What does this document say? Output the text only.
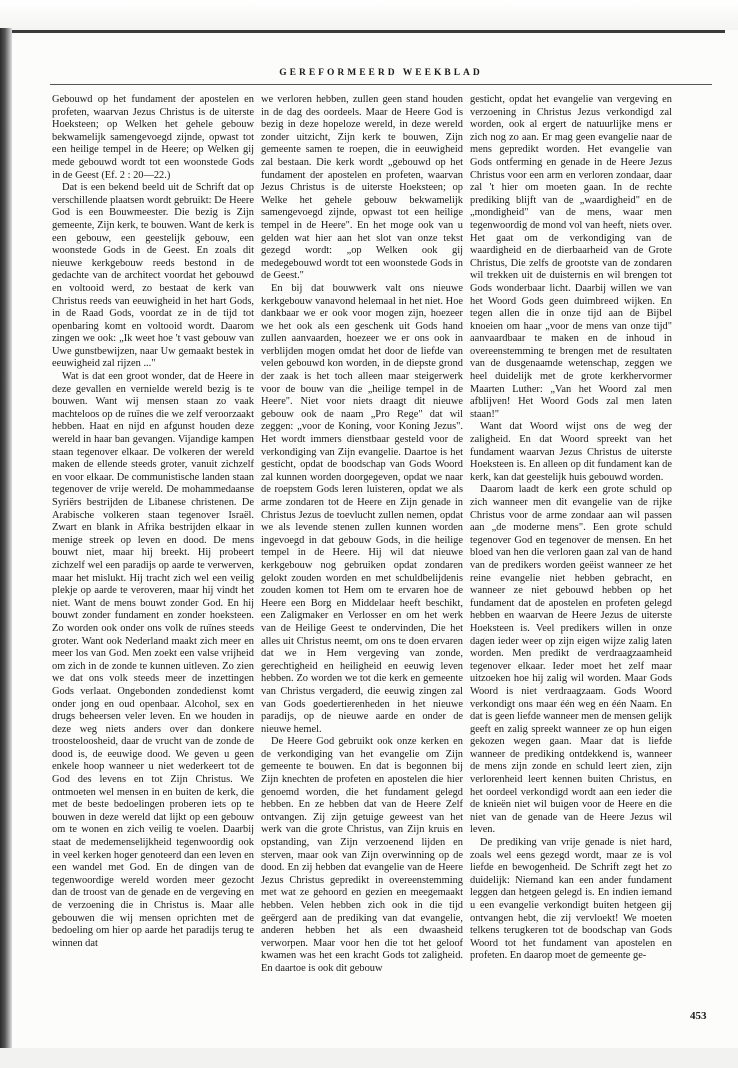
GEREFORMEERD WEEKBLAD

Gebouwd op het fundament der apostelen en profeten, waarvan Jezus Christus is de uiterste Hoeksteen; op Welken het gehele gebouw bekwamelijk samengevoegd zijnde, opwast tot een heilige tempel in de Heere; op Welken gij mede gebouwd wordt tot een woonstede Gods in de Geest (Ef. 2 : 20—22.)

Dat is een bekend beeld uit de Schrift dat op verschillende plaatsen wordt gebruikt: De Heere God is een Bouwmeester. Die bezig is Zijn gemeente, Zijn kerk, te bouwen. Want de kerk is een gebouw, een geestelijk gebouw, een woonstede Gods in de Geest. En zoals dit nieuwe kerkgebouw reeds bestond in de gedachte van de architect voordat het gebouwd en voltooid werd, zo bestaat de kerk van Christus reeds van eeuwigheid in het hart Gods, in de Raad Gods, voordat ze in de tijd tot openbaring komt en voltooid wordt. Daarom zingen we ook: „Ik weet hoe 't vast gebouw van Uwe gunstbewijzen, naar Uw gemaakt bestek in eeuwigheid zal rijzen ..."

Wat is dat een groot wonder, dat de Heere in deze gevallen en vernielde wereld bezig is te bouwen. Want wij mensen staan zo vaak machteloos op de ruïnes die we zelf veroorzaakt hebben. Haat en nijd en afgunst houden deze wereld in haar ban gevangen. Vijandige kampen staan tegenover elkaar. De volkeren der wereld maken de ellende steeds groter, vanuit zichzelf en voor elkaar. De communistische landen staan tegenover de vrije wereld. De mohammedaanse Syriërs bestrijden de Libanese christenen. De Arabische volkeren staan tegenover Israël. Zwart en blank in Afrika bestrijden elkaar in menige streek op leven en dood. De mens bouwt niet, maar hij breekt. Hij probeert zichzelf wel een paradijs op aarde te verwerven, maar het mislukt. Hij tracht zich wel een veilig plekje op aarde te veroveren, maar hij vindt het niet. Want de mens bouwt zonder God. En hij bouwt zonder fundament en zonder hoeksteen. Zo worden ook onder ons volk de ruïnes steeds groter. Want ook Nederland maakt zich meer en meer los van God. Men zoekt een valse vrijheid om zich in de zonde te kunnen uitleven. Zo zien we dat ons volk steeds meer de inzettingen Gods verlaat. Ongebonden zondedienst komt onder jong en oud openbaar. Alcohol, sex en drugs beheersen veler leven. En we houden in deze weg niets anders over dan donkere troosteloosheid, daar de vrucht van de zonde de dood is, de eeuwige dood. We geven u geen enkele hoop wanneer u niet wederkeert tot de God des levens en tot Zijn Christus. We ontmoeten wel mensen in en buiten de kerk, die met de beste bedoelingen proberen iets op te bouwen in deze wereld dat lijkt op een gebouw om te wonen en zich veilig te voelen. Daarbij staat de medemenselijkheid tegenwoordig ook in veel kerken hoger genoteerd dan een leven en een wandel met God. En de dingen van de tegenwoordige wereld worden meer gezocht dan de troost van de genade en de vergeving en de verzoening die in Christus is. Maar alle gebouwen die wij mensen oprichten met de bedoeling om hier op aarde het paradijs terug te winnen dat

we verloren hebben, zullen geen stand houden in de dag des oordeels. Maar de Heere God is bezig in deze hopeloze wereld, in deze wereld zonder uitzicht, Zijn kerk te bouwen, Zijn gemeente samen te roepen, die in eeuwigheid zal bestaan. Die kerk wordt „gebouwd op het fundament der apostelen en profeten, waarvan Jezus Christus is de uiterste Hoeksteen; op Welke het gehele gebouw bekwamelijk samengevoegd zijnde, opwast tot een heilige tempel in de Heere". En het moge ook van u gelden wat hier aan het slot van onze tekst gezegd wordt: „op Welken ook gij medegebouwd wordt tot een woonstede Gods in de Geest."

En bij dat bouwwerk valt ons nieuwe kerkgebouw vanavond helemaal in het niet. Hoe dankbaar we er ook voor mogen zijn, hoezeer we het ook als een geschenk uit Gods hand zullen aanvaarden, hoezeer we er ons ook in verblijden mogen omdat het door de liefde van velen gebouwd kon worden, in de diepste grond der zaak is het toch alleen maar steigerwerk voor de bouw van die „heilige tempel in de Heere". Niet voor niets draagt dit nieuwe gebouw ook de naam „Pro Rege" dat wil zeggen: „voor de Koning, voor Koning Jezus". Het wordt immers dienstbaar gesteld voor de verkondiging van Zijn evangelie. Daartoe is het gesticht, opdat de boodschap van Gods Woord zal kunnen worden doorgegeven, opdat we naar de roepstem Gods leren luisteren, opdat we als arme zondaren tot de Heere en Zijn genade in Christus Jezus de toevlucht zullen nemen, opdat we als levende stenen zullen kunnen worden ingevoegd in dat gebouw Gods, in die heilige tempel in de Heere. Hij wil dat nieuwe kerkgebouw nog gebruiken opdat zondaren gelokt zouden worden en met schuldbelijdenis zouden komen tot Hem om te ervaren hoe de Heere een Borg en Middelaar heeft beschikt, een Zaligmaker en Verlosser en om het werk van de Heilige Geest te ondervinden, Die het alles uit Christus neemt, om ons te doen ervaren dat we in Hem vergeving van zonde, gerechtigheid en heiligheid en eeuwig leven hebben. Zo worden we tot die kerk en gemeente van Christus vergaderd, die eeuwig zingen zal van Gods goedertierenheden in het nieuwe paradijs, op de nieuwe aarde en onder de nieuwe hemel.

De Heere God gebruikt ook onze kerken en de verkondiging van het evangelie om Zijn gemeente te bouwen. En dat is begonnen bij Zijn knechten de profeten en apostelen die hier genoemd worden, die het fundament gelegd hebben. En ze hebben dat van de Heere Zelf ontvangen. Zij zijn getuige geweest van het werk van die grote Christus, van Zijn kruis en opstanding, van Zijn verzoenend lijden en sterven, maar ook van Zijn overwinning op de dood. En zij hebben dat evangelie van de Heere Jezus Christus gepredikt in overeenstemming met wat ze gehoord en gezien en meegemaakt hebben. Velen hebben zich ook in die tijd geërgerd aan de prediking van dat evangelie, anderen hebben het als een dwaasheid verworpen. Maar voor hen die tot het geloof kwamen was het een kracht Gods tot zaligheid. En daartoe is ook dit gebouw

gesticht, opdat het evangelie van vergeving en verzoening in Christus Jezus verkondigd zal worden, ook al ergert de natuurlijke mens er zich nog zo aan. Er mag geen evangelie naar de mens gepredikt worden. Het evangelie van Gods ontferming en genade in de Heere Jezus Christus voor een arm en verloren zondaar, daar zal 't hier om moeten gaan. In de rechte prediking blijft van de „waardigheid" en de „mondigheid" van de mens, waar men tegenwoordig de mond vol van heeft, niets over. Het gaat om de verkondiging van de waardigheid en de dierbaarheid van de Grote Christus, Die zelfs de grootste van de zondaren wil trekken uit de duisternis en wil brengen tot Gods wonderbaar licht. Daarbij willen we van het Woord Gods geen duimbreed wijken. En tegen allen die in onze tijd aan de Bijbel knoeien om haar „voor de mens van onze tijd" aanvaardbaar te maken en de inhoud in overeenstemming te brengen met de resultaten van de dusgenaamde wetenschap, zeggen we heel duidelijk met de grote kerkhervormer Maarten Luther: „Van het Woord zal men afblijven! Het Woord Gods zal men laten staan!"

Want dat Woord wijst ons de weg der zaligheid. En dat Woord spreekt van het fundament waarvan Jezus Christus de uiterste Hoeksteen is. En alleen op dit fundament kan de kerk, kan dat geestelijk huis gebouwd worden.

Daarom laadt de kerk een grote schuld op zich wanneer men dit evangelie van de rijke Christus voor de arme zondaar aan wil passen aan „de moderne mens". Een grote schuld tegenover God en tegenover de mensen. En het bloed van hen die verloren gaan zal van de hand van de predikers worden geëist wanneer ze het reine evangelie niet hebben gebracht, en wanneer ze niet gebouwd hebben op het fundament dat de apostelen en profeten gelegd hebben en waarvan de Heere Jezus de uiterste Hoeksteen is. Veel predikers willen in onze dagen ieder weer op zijn eigen wijze zalig laten worden. Men predikt de verdraagzaamheid tegenover elkaar. Ieder moet het zelf maar uitzoeken hoe hij zalig wil worden. Maar Gods Woord is niet verdraagzaam. Gods Woord verkondigt ons maar één weg en één Naam. En dat is geen liefde wanneer men de mensen gelijk geeft en zalig spreekt wanneer ze op hun eigen gekozen wegen gaan. Maar dat is liefde wanneer de prediking ontdekkend is, wanneer de mens zijn zonde en schuld leert zien, zijn verlorenheid leert kennen buiten Christus, en het oordeel verkondigd wordt aan een ieder die de knieën niet wil buigen voor de Heere en die niet van de genade van de Heere Jezus wil leven.

De prediking van vrije genade is niet hard, zoals wel eens gezegd wordt, maar ze is vol liefde en bewogenheid. De Schrift zegt het zo duidelijk: Niemand kan een ander fundament leggen dan hetgeen gelegd is. En indien iemand u een evangelie verkondigt buiten hetgeen gij ontvangen hebt, die zij vervloekt! We moeten telkens terugkeren tot de boodschap van Gods Woord tot het fundament van apostelen en profeten. En daarop moet de gemeente ge-

453
